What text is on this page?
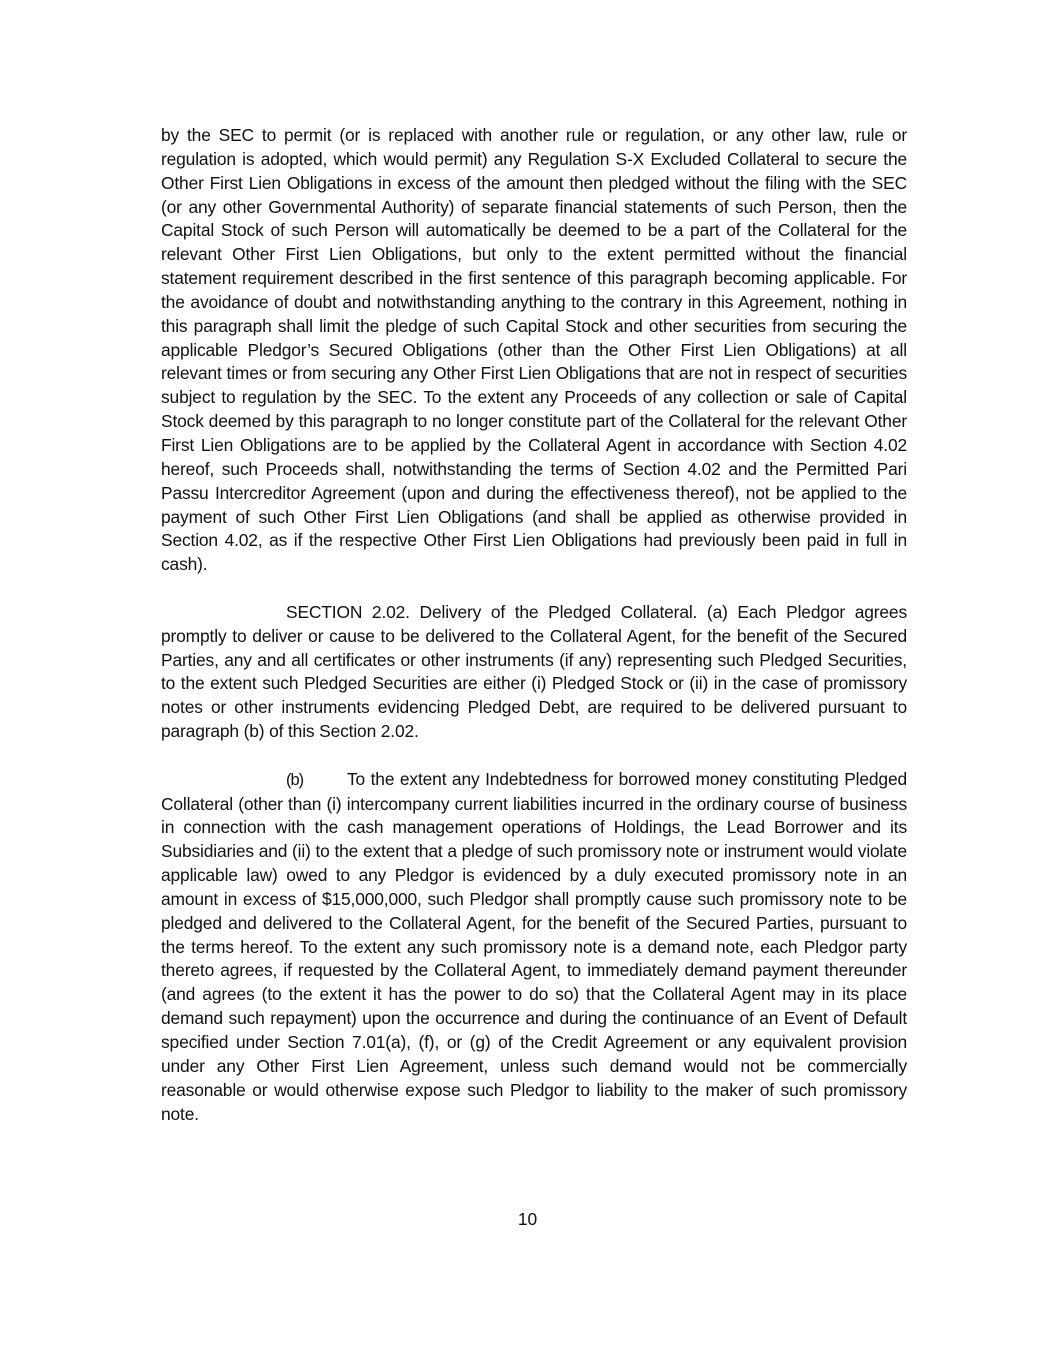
by the SEC to permit (or is replaced with another rule or regulation, or any other law, rule or regulation is adopted, which would permit) any Regulation S-X Excluded Collateral to secure the Other First Lien Obligations in excess of the amount then pledged without the filing with the SEC (or any other Governmental Authority) of separate financial statements of such Person, then the Capital Stock of such Person will automatically be deemed to be a part of the Collateral for the relevant Other First Lien Obligations, but only to the extent permitted without the financial statement requirement described in the first sentence of this paragraph becoming applicable. For the avoidance of doubt and notwithstanding anything to the contrary in this Agreement, nothing in this paragraph shall limit the pledge of such Capital Stock and other securities from securing the applicable Pledgor’s Secured Obligations (other than the Other First Lien Obligations) at all relevant times or from securing any Other First Lien Obligations that are not in respect of securities subject to regulation by the SEC. To the extent any Proceeds of any collection or sale of Capital Stock deemed by this paragraph to no longer constitute part of the Collateral for the relevant Other First Lien Obligations are to be applied by the Collateral Agent in accordance with Section 4.02 hereof, such Proceeds shall, notwithstanding the terms of Section 4.02 and the Permitted Pari Passu Intercreditor Agreement (upon and during the effectiveness thereof), not be applied to the payment of such Other First Lien Obligations (and shall be applied as otherwise provided in Section 4.02, as if the respective Other First Lien Obligations had previously been paid in full in cash).

SECTION 2.02. Delivery of the Pledged Collateral. (a) Each Pledgor agrees promptly to deliver or cause to be delivered to the Collateral Agent, for the benefit of the Secured Parties, any and all certificates or other instruments (if any) representing such Pledged Securities, to the extent such Pledged Securities are either (i) Pledged Stock or (ii) in the case of promissory notes or other instruments evidencing Pledged Debt, are required to be delivered pursuant to paragraph (b) of this Section 2.02.

(b)	To the extent any Indebtedness for borrowed money constituting Pledged Collateral (other than (i) intercompany current liabilities incurred in the ordinary course of business in connection with the cash management operations of Holdings, the Lead Borrower and its Subsidiaries and (ii) to the extent that a pledge of such promissory note or instrument would violate applicable law) owed to any Pledgor is evidenced by a duly executed promissory note in an amount in excess of $15,000,000, such Pledgor shall promptly cause such promissory note to be pledged and delivered to the Collateral Agent, for the benefit of the Secured Parties, pursuant to the terms hereof. To the extent any such promissory note is a demand note, each Pledgor party thereto agrees, if requested by the Collateral Agent, to immediately demand payment thereunder (and agrees (to the extent it has the power to do so) that the Collateral Agent may in its place demand such repayment) upon the occurrence and during the continuance of an Event of Default specified under Section 7.01(a), (f), or (g) of the Credit Agreement or any equivalent provision under any Other First Lien Agreement, unless such demand would not be commercially reasonable or would otherwise expose such Pledgor to liability to the maker of such promissory note.

10
